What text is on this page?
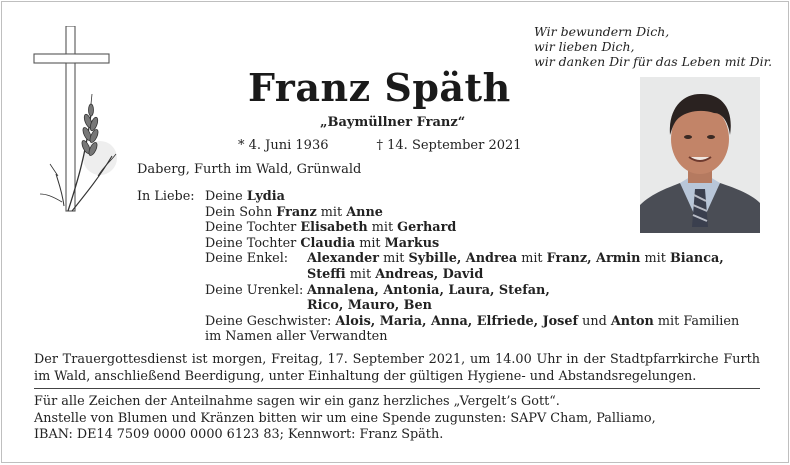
Wir bewundern Dich,
wir lieben Dich,
wir danken Dir für das Leben mit Dir.
Franz Späth
„Baymüllner Franz“
* 4. Juni 1936	† 14. September 2021
Daberg, Furth im Wald, Grünwald
In Liebe: Deine Lydia
Dein Sohn Franz mit Anne
Deine Tochter Elisabeth mit Gerhard
Deine Tochter Claudia mit Markus
Deine Enkel: Alexander mit Sybille, Andrea mit Franz, Armin mit Bianca,
Steffi mit Andreas, David
Deine Urenkel: Annalena, Antonia, Laura, Stefan,
Rico, Mauro, Ben
Deine Geschwister: Alois, Maria, Anna, Elfriede, Josef und Anton mit Familien
im Namen aller Verwandten
Der Trauergottesdienst ist morgen, Freitag, 17. September 2021, um 14.00 Uhr in der Stadtpfarrkirche Furth im Wald, anschließend Beerdigung, unter Einhaltung der gültigen Hygiene- und Abstandsregelungen.
Für alle Zeichen der Anteilnahme sagen wir ein ganz herzliches „Vergelt’s Gott“.
Anstelle von Blumen und Kränzen bitten wir um eine Spende zugunsten: SAPV Cham, Palliamo,
IBAN: DE14 7509 0000 0000 6123 83; Kennwort: Franz Späth.
